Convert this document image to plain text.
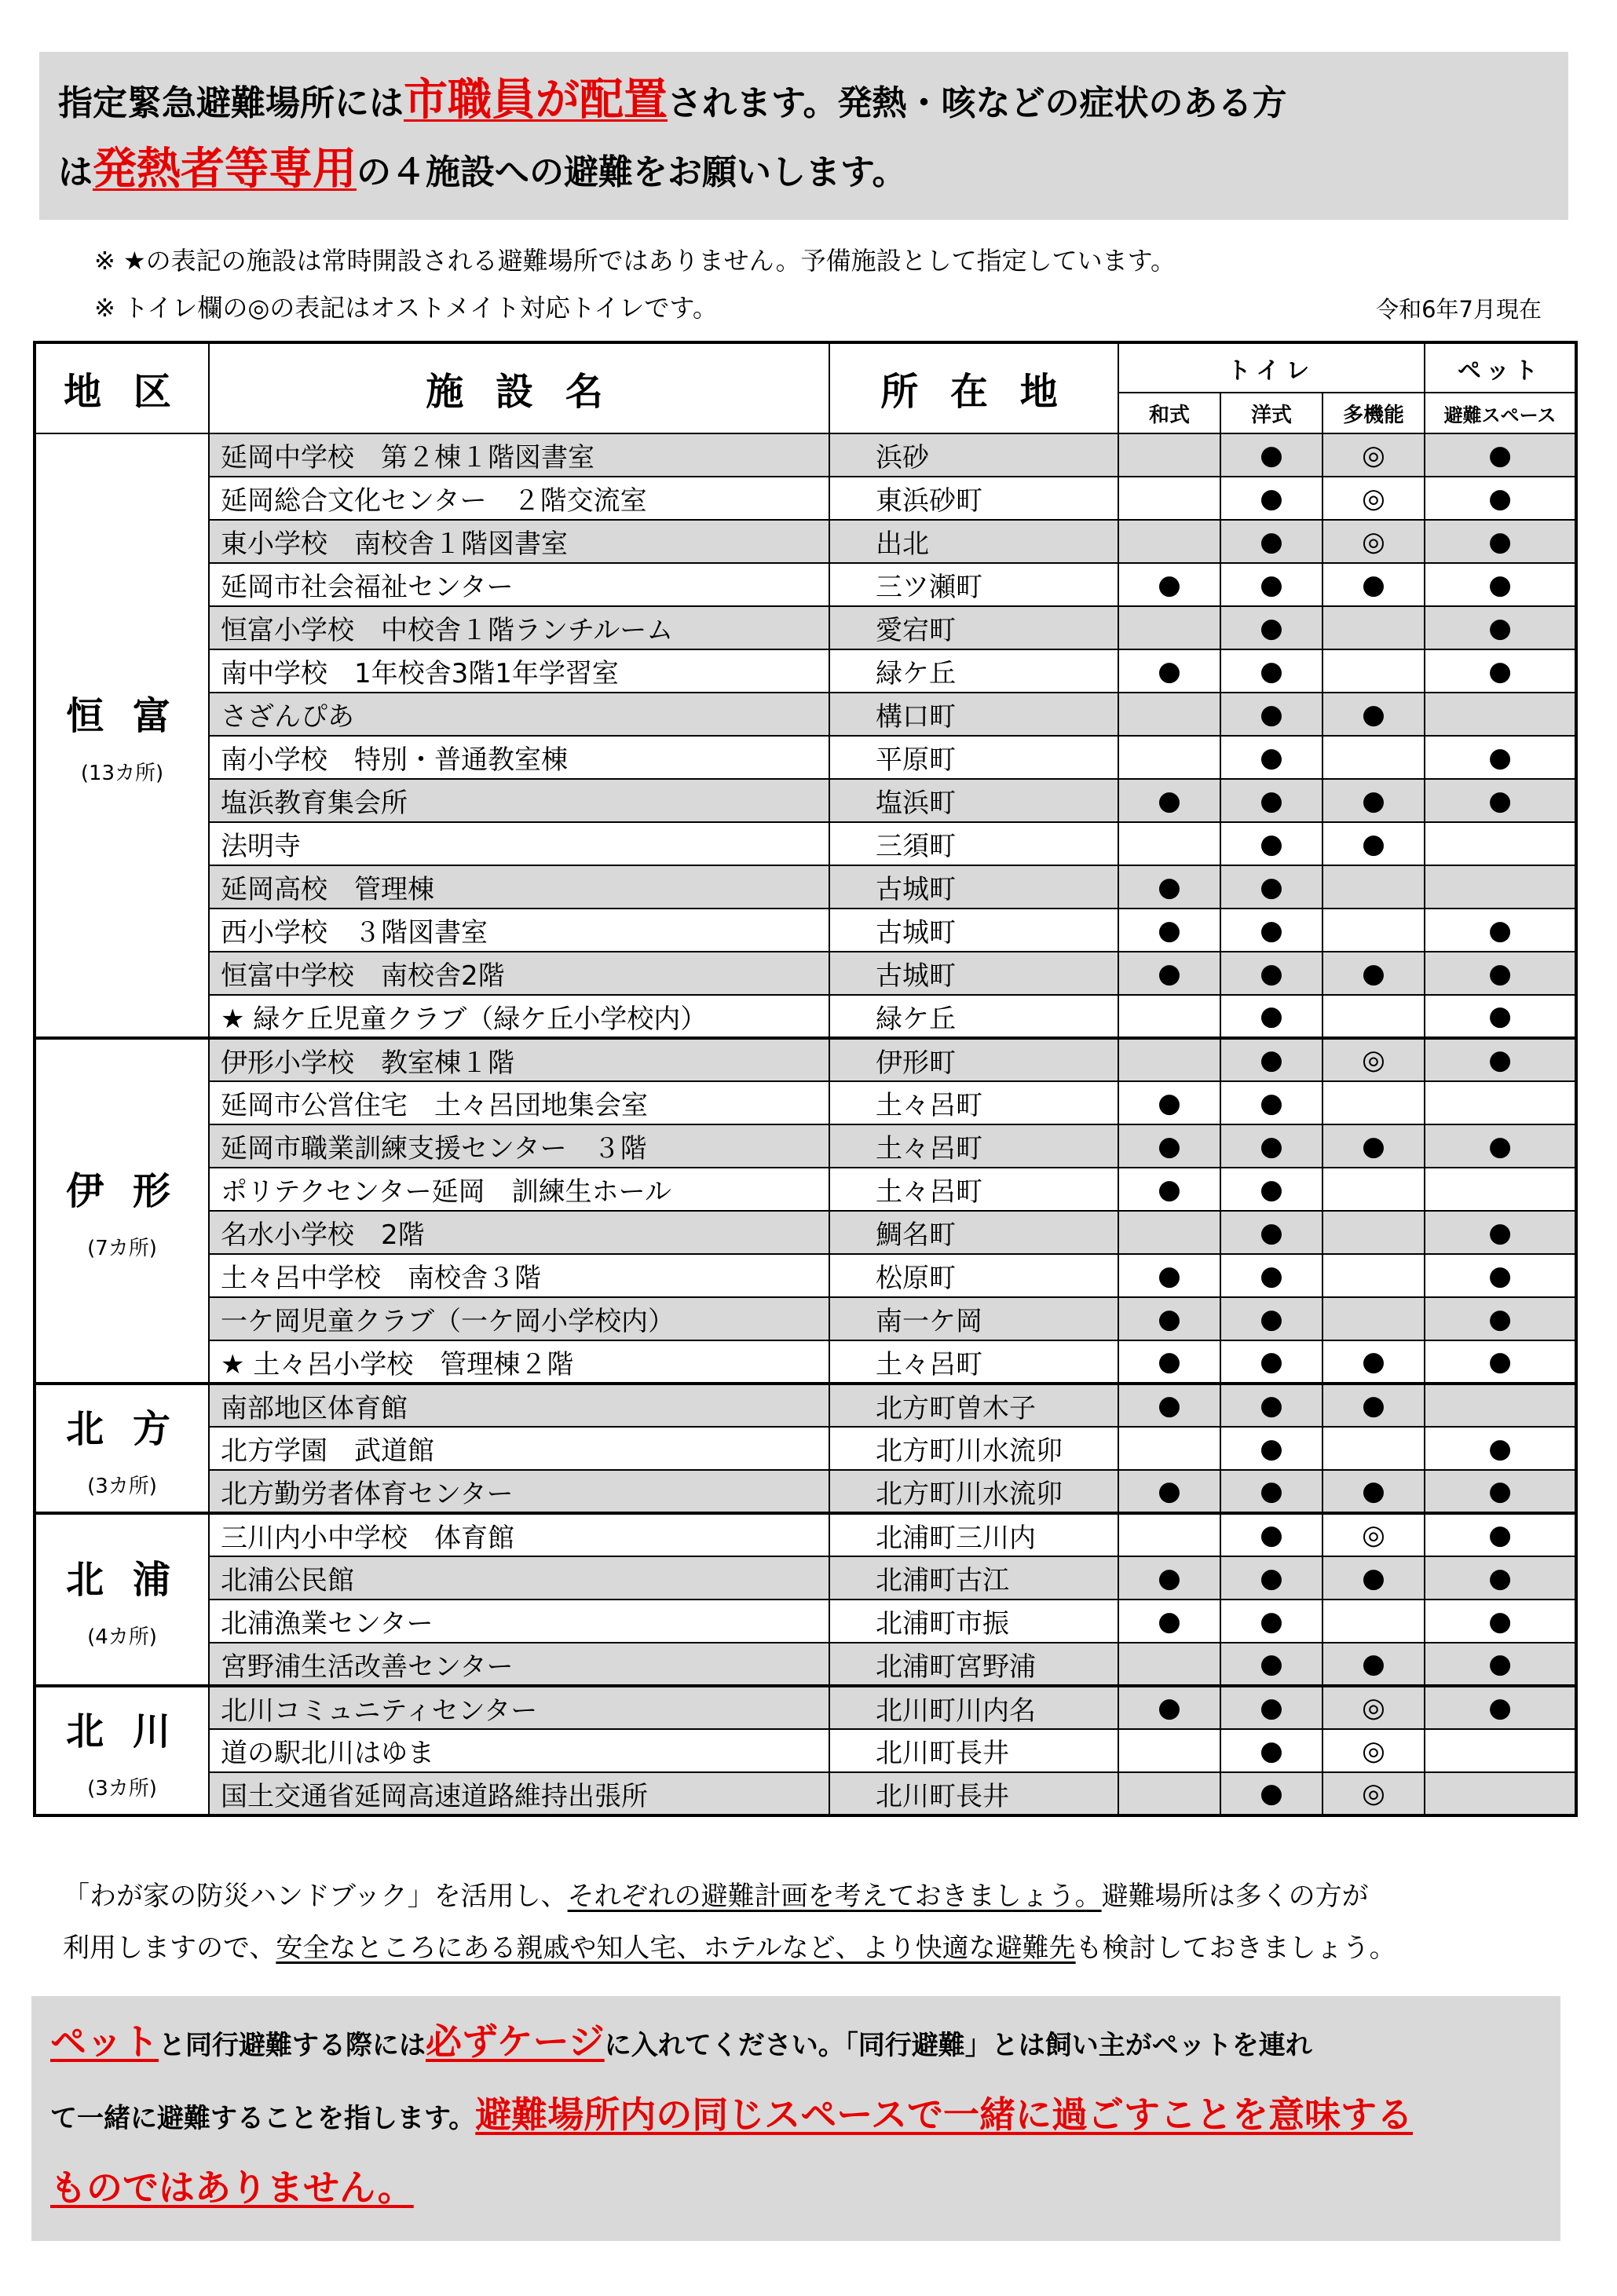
指定緊急避難場所には市職員が配置されます。発熱・咳などの症状のある方

は発熱者等専用の４施設への避難をお願いします。

※ ★の表記の施設は常時開設される避難場所ではありません。予備施設として指定しています。
※ トイレ欄の◎の表記はオストメイト対応トイレです。	令和6年7月現在
地 区	施 設 名	所 在 地	トイレ			ペット
			和式	洋式	多機能	避難スペース

恒 富
(13カ所)	延岡中学校　第２棟１階図書室	浜砂		●	◎	●
	延岡総合文化センター　２階交流室	東浜砂町		●	◎	●
	東小学校　南校舎１階図書室	出北		●	◎	●
	延岡市社会福祉センター	三ツ瀬町	●	●	●	●
	恒富小学校　中校舎１階ランチルーム	愛宕町		●		●
	南中学校　1年校舎3階1年学習室	緑ケ丘	●	●		●
	さざんぴあ	構口町		●	●	
	南小学校　特別・普通教室棟	平原町		●		●
	塩浜教育集会所	塩浜町	●	●	●	●
	法明寺	三須町		●	●	
	延岡高校　管理棟	古城町	●	●		
	西小学校　３階図書室	古城町	●	●		●
	恒富中学校　南校舎2階	古城町	●	●	●	●
	★ 緑ケ丘児童クラブ（緑ケ丘小学校内）	緑ケ丘		●		●

伊 形
(7カ所)	伊形小学校　教室棟１階	伊形町		●	◎	●
	延岡市公営住宅　土々呂団地集会室	土々呂町	●	●		
	延岡市職業訓練支援センター　３階	土々呂町	●	●	●	●
	ポリテクセンター延岡　訓練生ホール	土々呂町	●	●		
	名水小学校　2階	鯛名町		●		●
	土々呂中学校　南校舎３階	松原町	●	●		●
	一ケ岡児童クラブ（一ケ岡小学校内）	南一ケ岡	●	●		●
	★ 土々呂小学校　管理棟２階	土々呂町	●	●	●	●

北 方
(3カ所)	南部地区体育館	北方町曽木子	●	●	●	
	北方学園　武道館	北方町川水流卯		●		●
	北方勤労者体育センター	北方町川水流卯	●	●	●	●

北 浦
(4カ所)	三川内小中学校　体育館	北浦町三川内		●	◎	●
	北浦公民館	北浦町古江	●	●	●	●
	北浦漁業センター	北浦町市振	●	●		●
	宮野浦生活改善センター	北浦町宮野浦		●	●	●

北 川
(3カ所)	北川コミュニティセンター	北川町川内名	●	●	◎	●
	道の駅北川はゆま	北川町長井		●	◎	
	国土交通省延岡高速道路維持出張所	北川町長井		●	◎	
「わが家の防災ハンドブック」を活用し、それぞれの避難計画を考えておきましょう。避難場所は多くの方が
利用しますので、安全なところにある親戚や知人宅、ホテルなど、より快適な避難先も検討しておきましょう。
ペットと同行避難する際には必ずケージに入れてください。「同行避難」とは飼い主がペットを連れ
て一緒に避難することを指します。避難場所内の同じスペースで一緒に過ごすことを意味する
ものではありません。
